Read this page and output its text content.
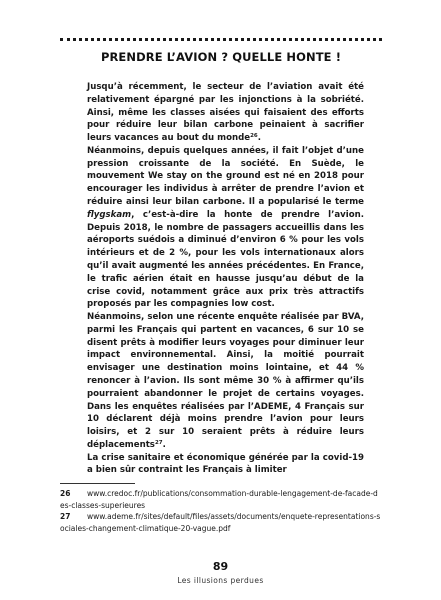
PRENDRE L’AVION ? QUELLE HONTE !

Jusqu’à récemment, le secteur de l’aviation avait été relativement épargné par les injonctions à la sobriété. Ainsi, même les classes aisées qui faisaient des efforts pour réduire leur bilan carbone peinaient à sacrifier leurs vacances au bout du monde$^{26}$.

Néanmoins, depuis quelques années, il fait l’objet d’une pression croissante de la société. En Suède, le mouvement We stay on the ground est né en 2018 pour encourager les individus à arrêter de prendre l’avion et réduire ainsi leur bilan carbone. Il a popularisé le terme flygskam, c’est-à-dire la honte de prendre l’avion. Depuis 2018, le nombre de passagers accueillis dans les aéroports suédois a diminué d’environ 6 % pour les vols intérieurs et de 2 %, pour les vols internationaux alors qu’il avait augmenté les années précédentes. En France, le trafic aérien était en hausse jusqu’au début de la crise covid, notamment grâce aux prix très attractifs proposés par les compagnies low cost.

Néanmoins, selon une récente enquête réalisée par BVA, parmi les Français qui partent en vacances, 6 sur 10 se disent prêts à modifier leurs voyages pour diminuer leur impact environnemental. Ainsi, la moitié pourrait envisager une destination moins lointaine, et 44 % renoncer à l’avion. Ils sont même 30 % à affirmer qu’ils pourraient abandonner le projet de certains voyages. Dans les enquêtes réalisées par l’ADEME, 4 Français sur 10 déclarent déjà moins prendre l’avion pour leurs loisirs, et 2 sur 10 seraient prêts à réduire leurs déplacements$^{27}$.

La crise sanitaire et économique générée par la covid-19 a bien sûr contraint les Français à limiter

26 www.credoc.fr/publications/consommation-durable-lengagement-de-facade-des-classes-superieures

27 www.ademe.fr/sites/default/files/assets/documents/enquete-representations-sociales-changement-climatique-20-vague.pdf

89
Les illusions perdues
